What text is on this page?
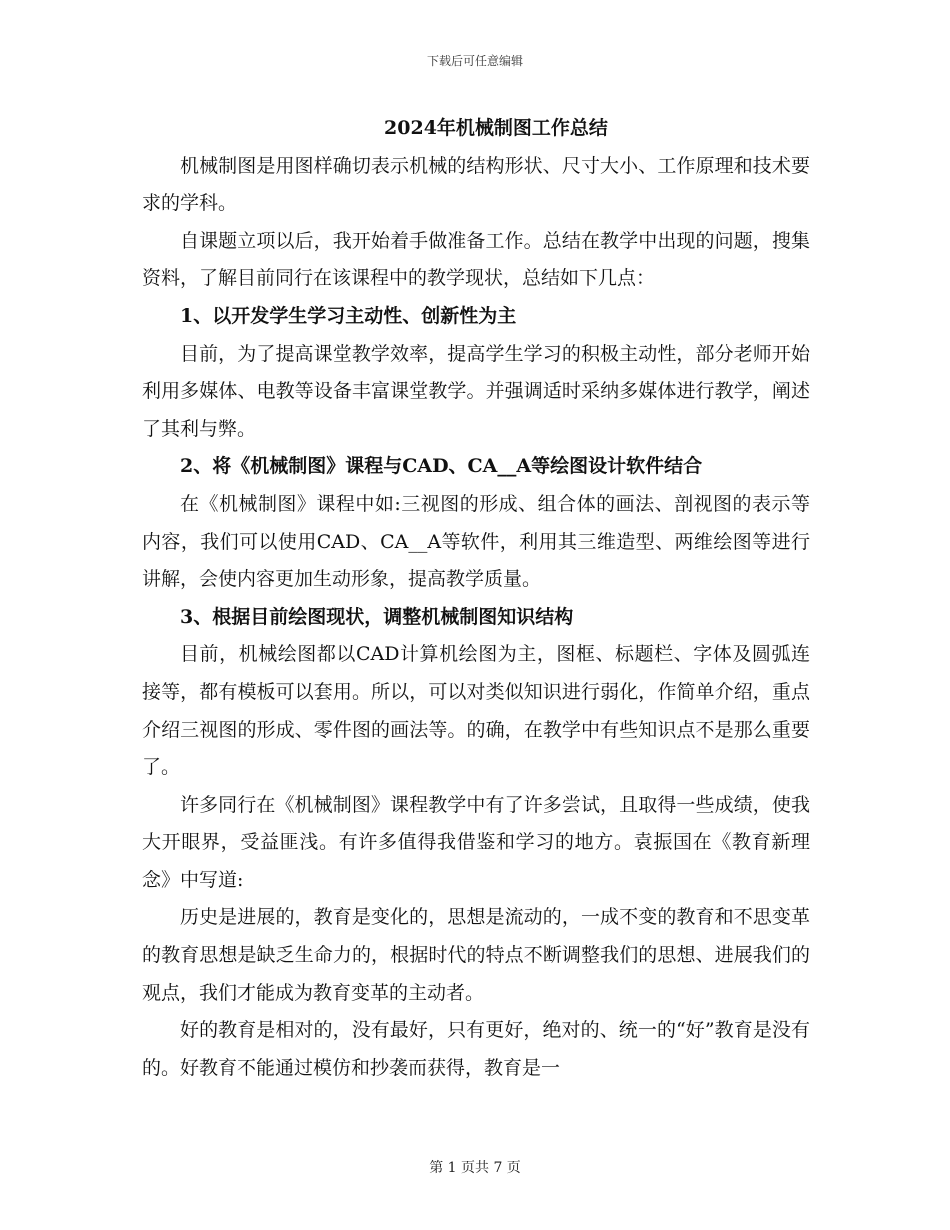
下载后可任意编辑

2024年机械制图工作总结

机械制图是用图样确切表示机械的结构形状、尺寸大小、工作原理和技术要求的学科。

自课题立项以后，我开始着手做准备工作。总结在教学中出现的问题，搜集资料，了解目前同行在该课程中的教学现状，总结如下几点：

1、以开发学生学习主动性、创新性为主

目前，为了提高课堂教学效率，提高学生学习的积极主动性，部分老师开始利用多媒体、电教等设备丰富课堂教学。并强调适时采纳多媒体进行教学，阐述了其利与弊。

2、将《机械制图》课程与CAD、CA__A等绘图设计软件结合

在《机械制图》课程中如:三视图的形成、组合体的画法、剖视图的表示等内容，我们可以使用CAD、CA__A等软件，利用其三维造型、两维绘图等进行讲解，会使内容更加生动形象，提高教学质量。

3、根据目前绘图现状，调整机械制图知识结构

目前，机械绘图都以CAD计算机绘图为主，图框、标题栏、字体及圆弧连接等，都有模板可以套用。所以，可以对类似知识进行弱化，作简单介绍，重点介绍三视图的形成、零件图的画法等。的确，在教学中有些知识点不是那么重要了。

许多同行在《机械制图》课程教学中有了许多尝试，且取得一些成绩，使我大开眼界，受益匪浅。有许多值得我借鉴和学习的地方。袁振国在《教育新理念》中写道:

历史是进展的，教育是变化的，思想是流动的，一成不变的教育和不思变革的教育思想是缺乏生命力的，根据时代的特点不断调整我们的思想、进展我们的观点，我们才能成为教育变革的主动者。

好的教育是相对的，没有最好，只有更好，绝对的、统一的“好”教育是没有的。好教育不能通过模仿和抄袭而获得，教育是一

第 1 页共 7 页
